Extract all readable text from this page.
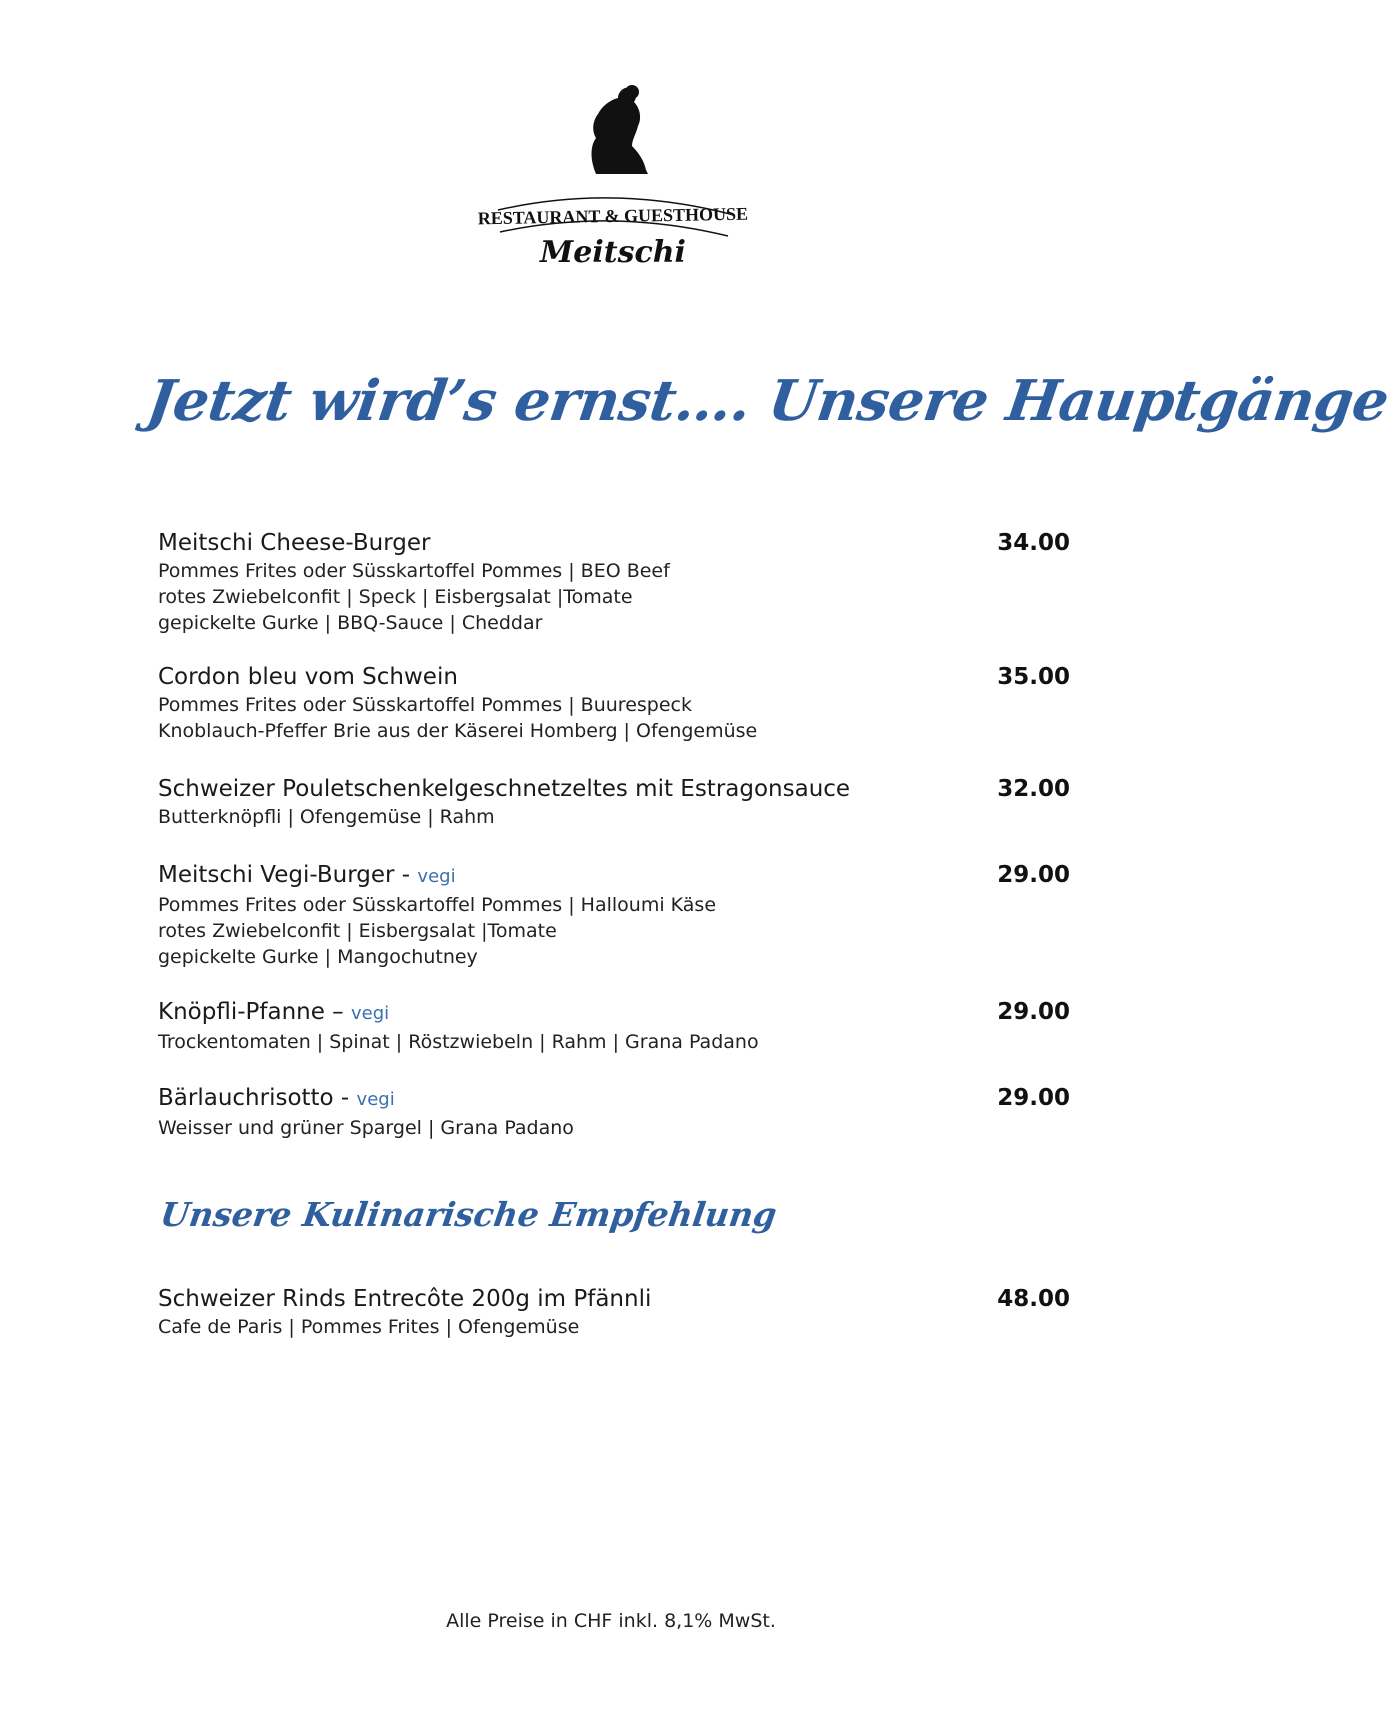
RESTAURANT & GUESTHOUSE
Meitschi
Jetzt wird’s ernst…. Unsere Hauptgänge
Meitschi Cheese-Burger	34.00
Pommes Frites oder Süsskartoffel Pommes | BEO Beef
rotes Zwiebelconfit | Speck | Eisbergsalat |Tomate
gepickelte Gurke | BBQ-Sauce | Cheddar
Cordon bleu vom Schwein	35.00
Pommes Frites oder Süsskartoffel Pommes | Buurespeck
Knoblauch-Pfeffer Brie aus der Käserei Homberg | Ofengemüse
Schweizer Pouletschenkelgeschnetzeltes mit Estragonsauce	32.00
Butterknöpfli | Ofengemüse | Rahm
Meitschi Vegi-Burger - vegi	29.00
Pommes Frites oder Süsskartoffel Pommes | Halloumi Käse
rotes Zwiebelconfit | Eisbergsalat |Tomate
gepickelte Gurke | Mangochutney
Knöpfli-Pfanne – vegi	29.00
Trockentomaten | Spinat | Röstzwiebeln | Rahm | Grana Padano
Bärlauchrisotto - vegi	29.00
Weisser und grüner Spargel | Grana Padano
Unsere Kulinarische Empfehlung
Schweizer Rinds Entrecôte 200g im Pfännli	48.00
Cafe de Paris | Pommes Frites | Ofengemüse
Alle Preise in CHF inkl. 8,1% MwSt.
